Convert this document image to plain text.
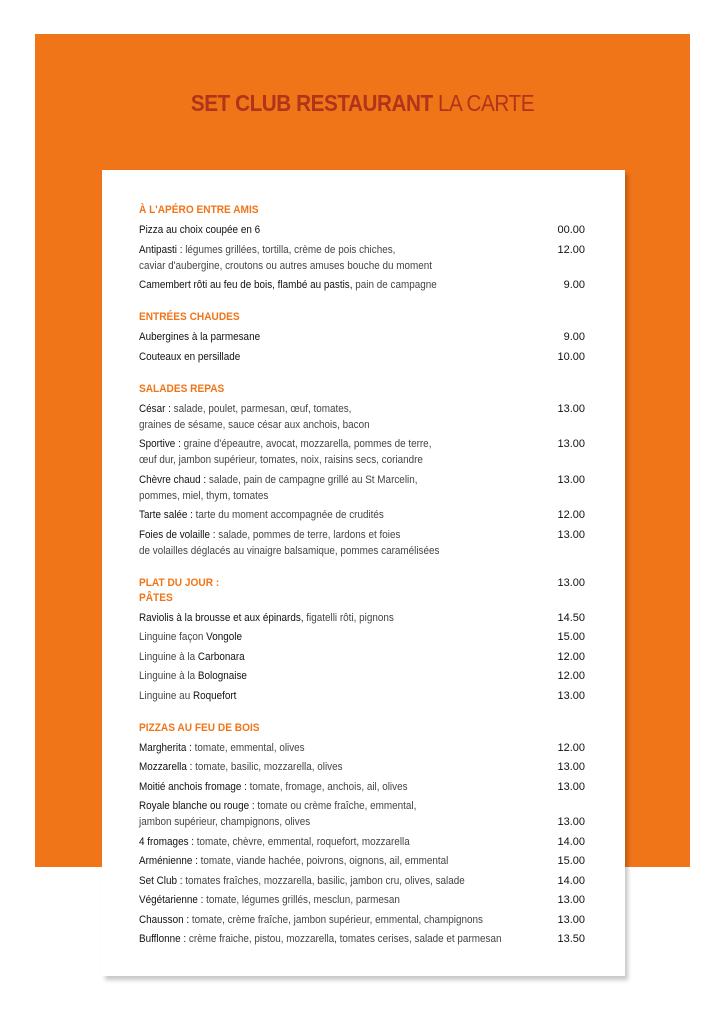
SET CLUB RESTAURANT LA CARTE
À L'APÉRO ENTRE AMIS
Pizza au choix coupée en 6	00.00
Antipasti : légumes grillées, tortilla, crème de pois chiches,
caviar d'aubergine, croutons ou autres amuses bouche du moment
12.00
Camembert rôti au feu de bois, flambé au pastis, pain de campagne	9.00
ENTRÉES CHAUDES
Aubergines à la parmesane	9.00
Couteaux en persillade	10.00
SALADES REPAS
César : salade, poulet, parmesan, œuf, tomates,
graines de sésame, sauce césar aux anchois, bacon
13.00
Sportive : graine d'épeautre, avocat, mozzarella, pommes de terre,
œuf dur, jambon supérieur, tomates, noix, raisins secs, coriandre
13.00
Chèvre chaud : salade, pain de campagne grillé au St Marcelin,
pommes, miel, thym, tomates
13.00
Tarte salée : tarte du moment accompagnée de crudités	12.00
Foies de volaille : salade, pommes de terre, lardons et foies
de volailles déglacés au vinaigre balsamique, pommes caramélisées
13.00
PLAT DU JOUR :	13.00
PÂTES
Raviolis à la brousse et aux épinards, figatelli rôti, pignons	14.50
Linguine façon Vongole	15.00
Linguine à la Carbonara	12.00
Linguine à la Bolognaise	12.00
Linguine au Roquefort	13.00
PIZZAS AU FEU DE BOIS
Margherita : tomate, emmental, olives	12.00
Mozzarella : tomate, basilic, mozzarella, olives	13.00
Moitié anchois fromage : tomate, fromage, anchois, ail, olives	13.00
Royale blanche ou rouge : tomate ou crème fraîche, emmental,
jambon supérieur, champignons, olives	13.00
4 fromages : tomate, chèvre, emmental, roquefort, mozzarella	14.00
Arménienne : tomate, viande hachée, poivrons, oignons, ail, emmental	15.00
Set Club : tomates fraîches, mozzarella, basilic, jambon cru, olives, salade	14.00
Végétarienne : tomate, légumes grillés, mesclun, parmesan	13.00
Chausson : tomate, crème fraîche, jambon supérieur, emmental, champignons	13.00
Bufflonne : crème fraiche, pistou, mozzarella, tomates cerises, salade et parmesan	13.50
